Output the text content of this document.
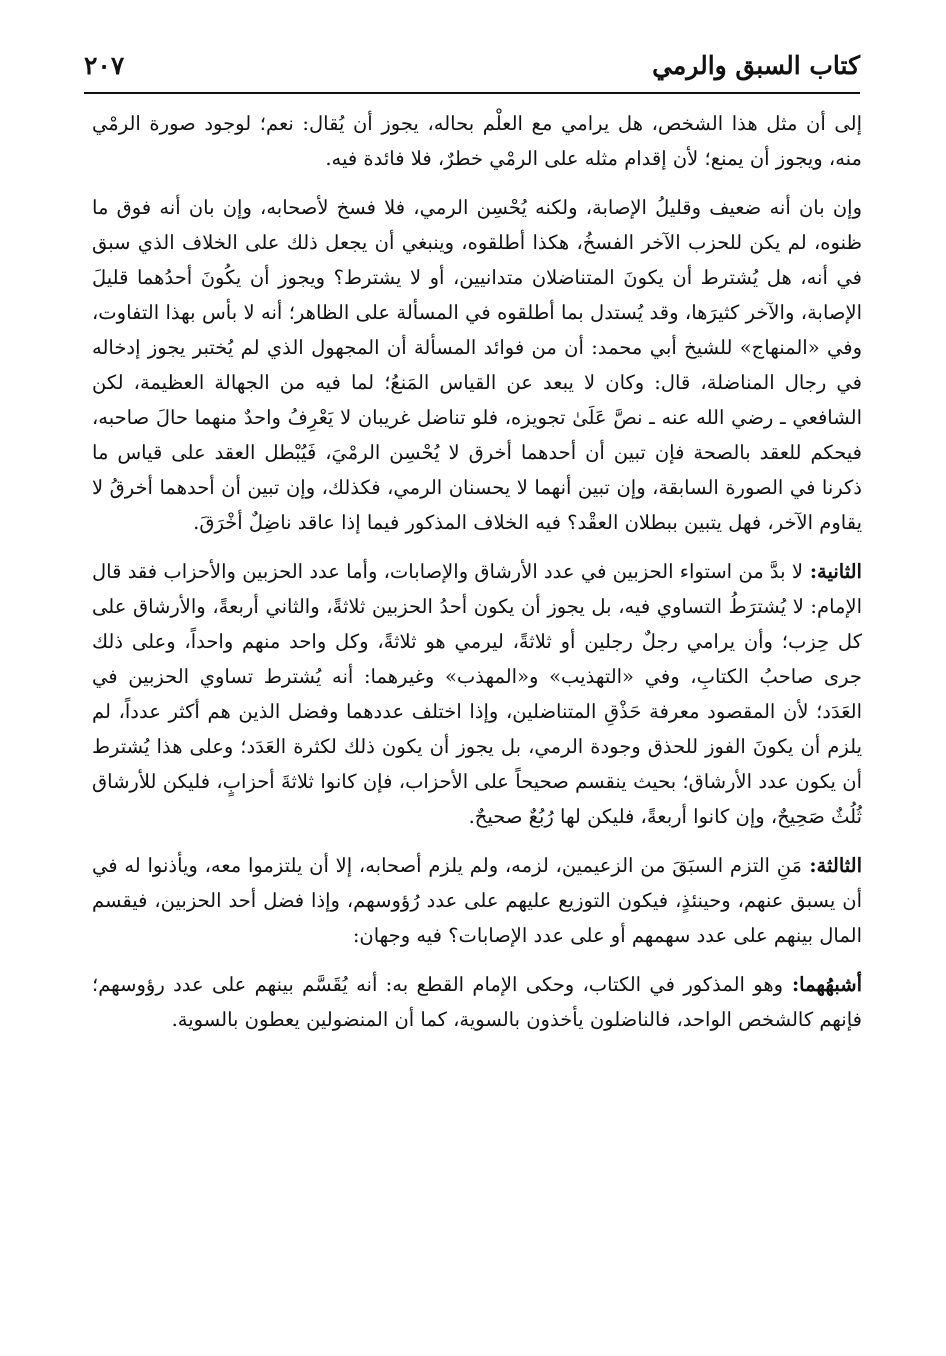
كتاب السبق والرمي
٢٠٧

إلى أن مثل هذا الشخص، هل يرامي مع العلْم بحاله، يجوز أن يُقال: نعم؛ لوجود صورة الرمْي منه، ويجوز أن يمنع؛ لأن إقدام مثله على الرمْي خطرٌ، فلا فائدة فيه.

وإن بان أنه ضعيف وقليلُ الإصابة، ولكنه يُحْسِن الرمي، فلا فسخ لأصحابه، وإن بان أنه فوق ما ظنوه، لم يكن للحزب الآخر الفسخُ، هكذا أطلقوه، وينبغي أن يجعل ذلك على الخلاف الذي سبق في أنه، هل يُشترط أن يكونَ المتناضلان متدانيين، أو لا يشترط؟ ويجوز أن يكُونَ أحدُهما قليلَ الإصابة، والآخر كثيرَها، وقد يُستدل بما أطلقوه في المسألة على الظاهر؛ أنه لا بأس بهذا التفاوت، وفي «المنهاج» للشيخ أبي محمد: أن من فوائد المسألة أن المجهول الذي لم يُختبر يجوز إدخاله في رجال المناضلة، قال: وكان لا يبعد عن القياس المَنعُ؛ لما فيه من الجهالة العظيمة، لكن الشافعي ـ رضي الله عنه ـ نصَّ عَلَىٰ تجويزه، فلو تناضل غريبان لا يَعْرِفُ واحدٌ منهما حالَ صاحبه، فيحكم للعقد بالصحة فإن تبين أن أحدهما أخرق لا يُحْسِن الرمْيَ، فَيُبْطل العقد على قياس ما ذكرنا في الصورة السابقة، وإن تبين أنهما لا يحسنان الرمي، فكذلك، وإن تبين أن أحدهما أخرقُ لا يقاوم الآخر، فهل يتبين ببطلان العقْد؟ فيه الخلاف المذكور فيما إذا عاقد ناضِلٌ أخْرَقَ.

الثانية: لا بدَّ من استواء الحزبين في عدد الأرشاق والإصابات، وأما عدد الحزبين والأحزاب فقد قال الإمام: لا يُشترَطُ التساوي فيه، بل يجوز أن يكون أحدُ الحزبين ثلاثةً، والثاني أربعةً، والأرشاق على كل حِزب؛ وأن يرامي رجلٌ رجلين أو ثلاثةً، ليرمي هو ثلاثةً، وكل واحد منهم واحداً، وعلى ذلك جرى صاحبُ الكتابِ، وفي «التهذيب» و«المهذب» وغيرهما: أنه يُشترط تساوي الحزبين في العَدَد؛ لأن المقصود معرفة حَذْقِ المتناضلين، وإذا اختلف عددهما وفضل الذين هم أكثر عدداً، لم يلزم أن يكونَ الفوز للحذق وجودة الرمي، بل يجوز أن يكون ذلك لكثرة العَدَد؛ وعلى هذا يُشترط أن يكون عدد الأرشاق؛ بحيث ينقسم صحيحاً على الأحزاب، فإن كانوا ثلاثةَ أحزابٍ، فليكن للأرشاق ثُلُثٌ صَحِيحٌ، وإن كانوا أربعةً، فليكن لها رُبُعٌ صحيحٌ.

الثالثة: مَنِ التزم السبَقَ من الزعيمين، لزمه، ولم يلزم أصحابه، إلا أن يلتزموا معه، ويأذنوا له في أن يسبق عنهم، وحينئذٍ، فيكون التوزيع عليهم على عدد رُؤوسهم، وإذا فضل أحد الحزبين، فيقسم المال بينهم على عدد سهمهم أو على عدد الإصابات؟ فيه وجهان:

أشبهُهما: وهو المذكور في الكتاب، وحكى الإمام القطع به: أنه يُقَسَّم بينهم على عدد رؤوسهم؛ فإنهم كالشخص الواحد، فالناضلون يأخذون بالسوية، كما أن المنضولين يعطون بالسوية.
